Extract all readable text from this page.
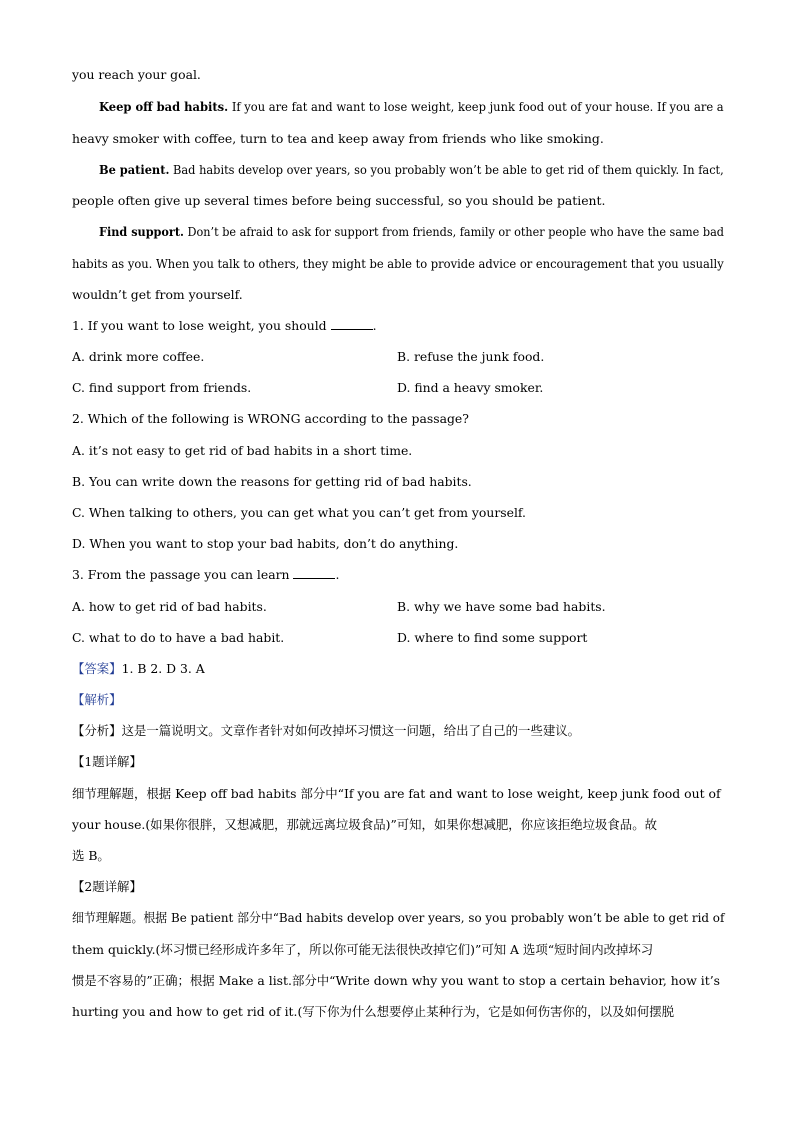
you reach your goal.
Keep off bad habits. If you are fat and want to lose weight, keep junk food out of your house. If you are a
heavy smoker with coffee, turn to tea and keep away from friends who like smoking.
Be patient. Bad habits develop over years, so you probably won’t be able to get rid of them quickly. In fact,
people often give up several times before being successful, so you should be patient.
Find support. Don’t be afraid to ask for support from friends, family or other people who have the same bad
habits as you. When you talk to others, they might be able to provide advice or encouragement that you usually
wouldn’t get from yourself.
1. If you want to lose weight, you should	.
A. drink more coffee.	B. refuse the junk food.
C. find support from friends.	D. find a heavy smoker.
2. Which of the following is WRONG according to the passage?
A. it’s not easy to get rid of bad habits in a short time.
B. You can write down the reasons for getting rid of bad habits.
C. When talking to others, you can get what you can’t get from yourself.
D. When you want to stop your bad habits, don’t do anything.
3. From the passage you can learn	.
A. how to get rid of bad habits.	B. why we have some bad habits.
C. what to do to have a bad habit.	D. where to find some support
【答案】1. B 2. D 3. A
【解析】
【分析】这是一篇说明文。文章作者针对如何改掉坏习惯这一问题，给出了自己的一些建议。
【1题详解】
细节理解题，根据 Keep off bad habits 部分中“If you are fat and want to lose weight, keep junk food out of
your house.(如果你很胖，又想减肥，那就远离垃圾食品)”可知，如果你想减肥，你应该拒绝垃圾食品。故
选 B。
【2题详解】
细节理解题。根据 Be patient 部分中“Bad habits develop over years, so you probably won’t be able to get rid of
them quickly.(坏习惯已经形成许多年了，所以你可能无法很快改掉它们)”可知 A 选项“短时间内改掉坏习
惯是不容易的”正确；根据 Make a list.部分中“Write down why you want to stop a certain behavior, how it’s
hurting you and how to get rid of it.(写下你为什么想要停止某种行为，它是如何伤害你的，以及如何摆脱
